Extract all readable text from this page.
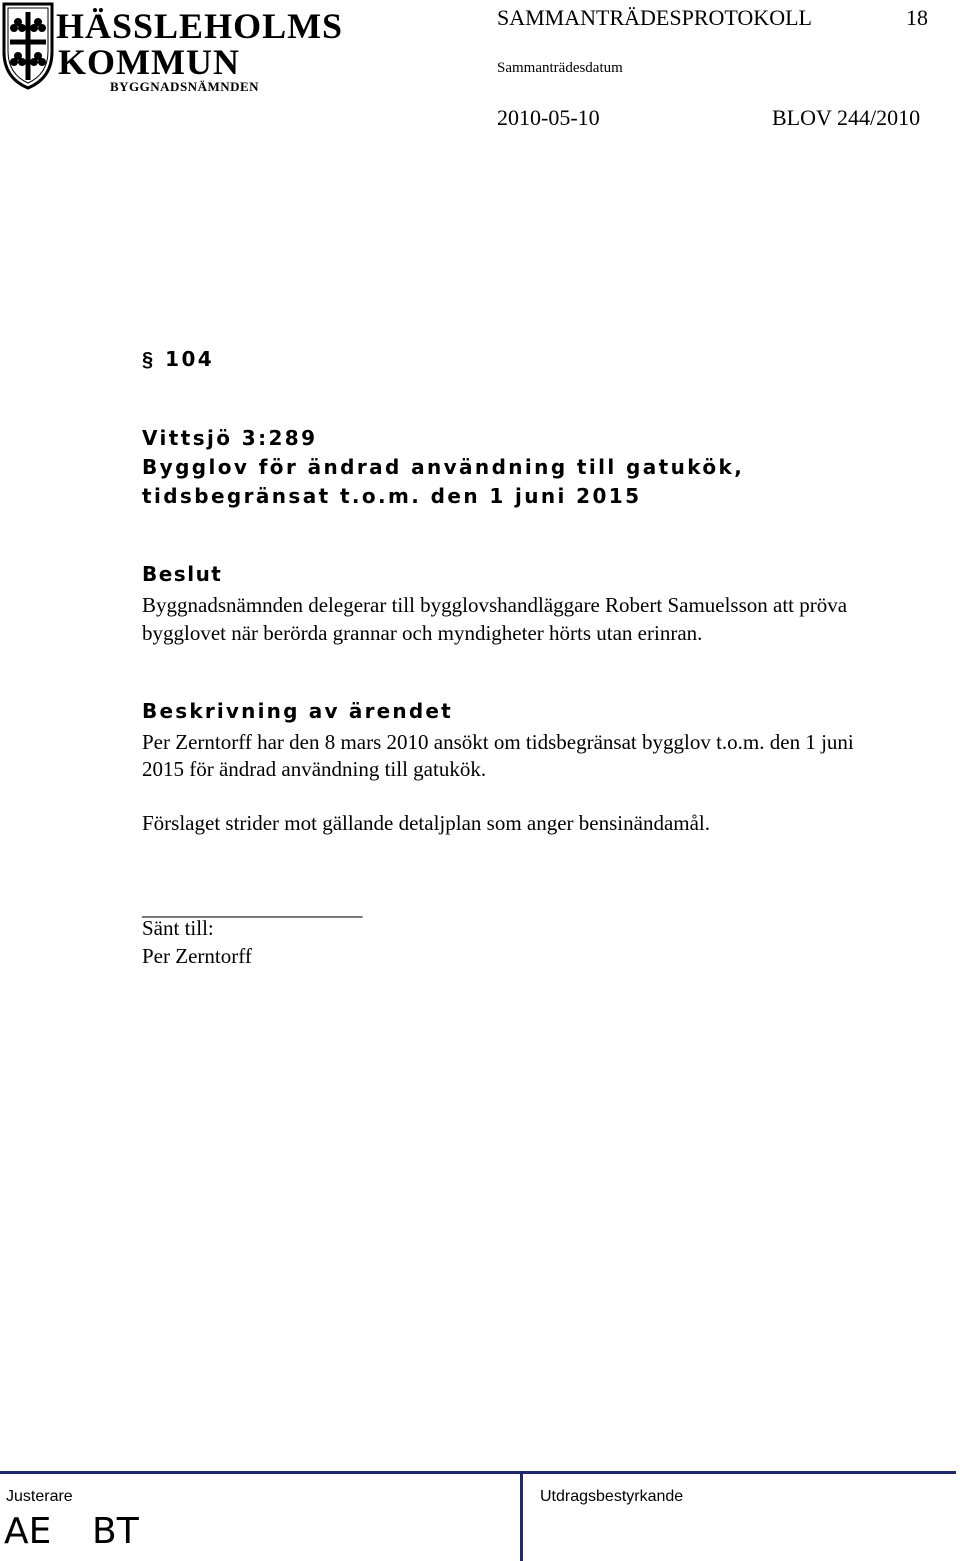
HÄSSLEHOLMS
KOMMUN
BYGGNADSNÄMNDEN
SAMMANTRÄDESPROTOKOLL	18
Sammanträdesdatum
2010-05-10	BLOV 244/2010
§ 104
Vittsjö 3:289
Bygglov för ändrad användning till gatukök,
tidsbegränsat t.o.m. den 1 juni 2015
Beslut
Byggnadsnämnden delegerar till bygglovshandläggare Robert Samuelsson att pröva
bygglovet när berörda grannar och myndigheter hörts utan erinran.
Beskrivning av ärendet
Per Zerntorff har den 8 mars 2010 ansökt om tidsbegränsat bygglov t.o.m. den 1 juni
2015 för ändrad användning till gatukök.
Förslaget strider mot gällande detaljplan som anger bensinändamål.
_____________________
Sänt till:
Per Zerntorff
Justerare	Utdragsbestyrkande
AE BT
